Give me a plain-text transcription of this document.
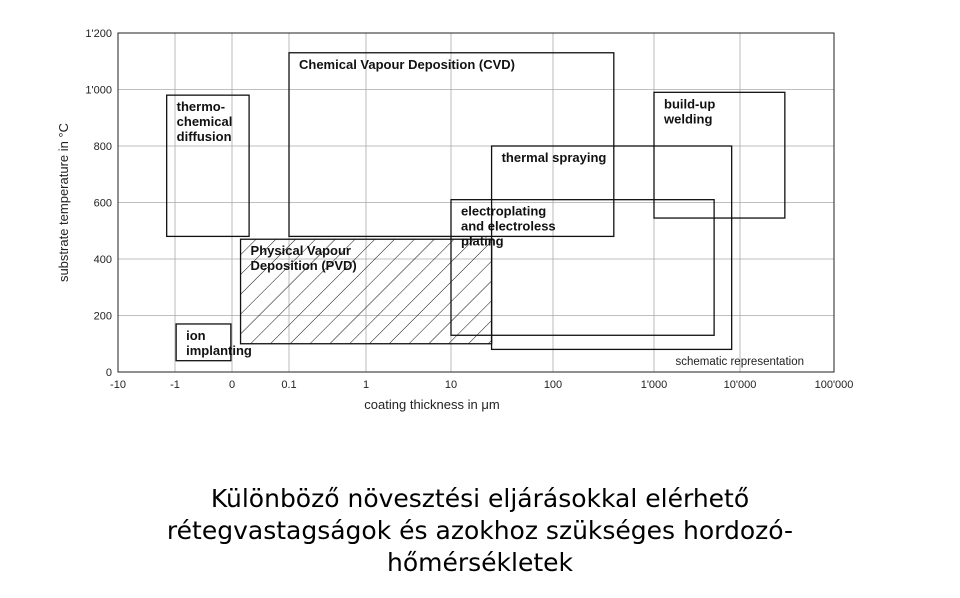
0
200
400
600
800
1'000
1'200
-10	-1	0	0.1	1	10	100	1'000	10'000	100'000
coating thickness in μm
substrate temperature in °C
thermo-
chemical
diffusion
ion
implanting
Chemical Vapour Deposition (CVD)
Physical Vapour
Deposition (PVD)
thermal spraying
electroplating
and electroless
plating
build-up
welding
schematic representation
Különböző növesztési eljárásokkal elérhető
rétegvastagságok és azokhoz szükséges hordozó-
hőmérsékletek
